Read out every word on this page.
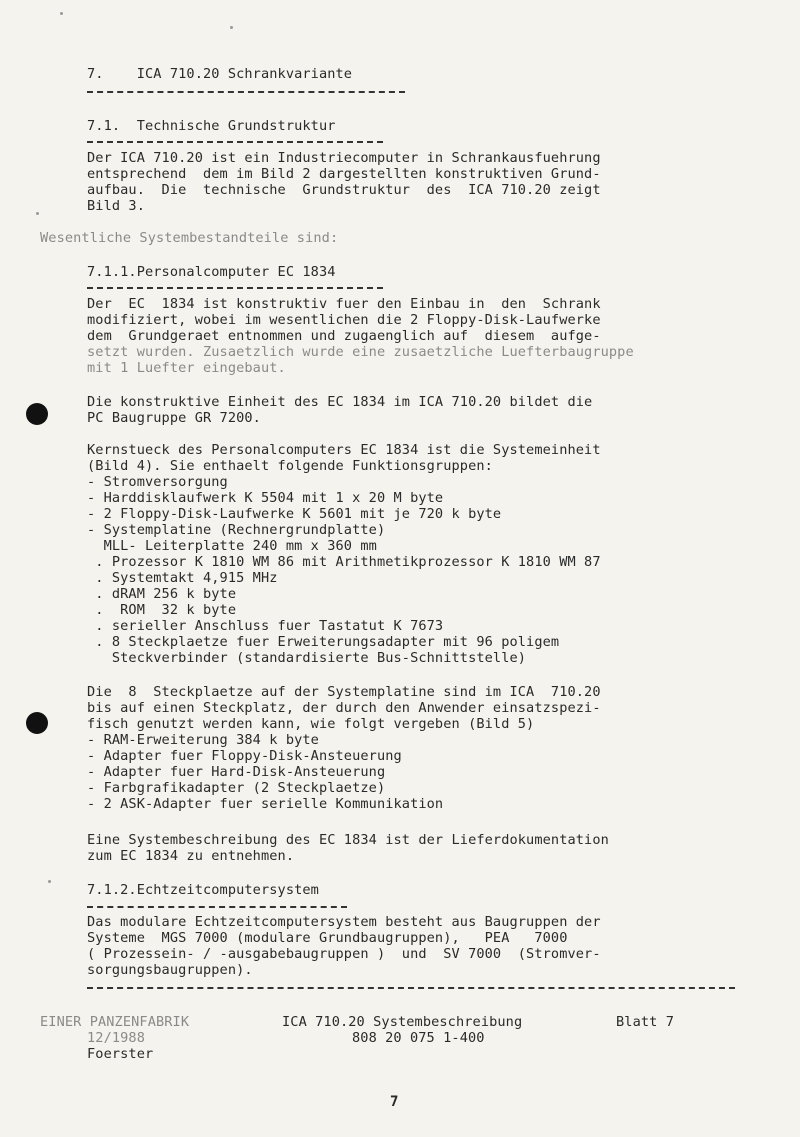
7.    ICA 710.20 Schrankvariante
7.1.  Technische Grundstruktur
Der ICA 710.20 ist ein Industriecomputer in Schrankausfuehrung
entsprechend  dem im Bild 2 dargestellten konstruktiven Grund-
aufbau.  Die  technische  Grundstruktur  des  ICA 710.20 zeigt
Bild 3.
Wesentliche Systembestandteile sind:
7.1.1.Personalcomputer EC 1834
Der  EC  1834 ist konstruktiv fuer den Einbau in  den  Schrank
modifiziert, wobei im wesentlichen die 2 Floppy-Disk-Laufwerke
dem  Grundgeraet entnommen und zugaenglich auf  diesem  aufge-
setzt wurden. Zusaetzlich wurde eine zusaetzliche Luefterbaugruppe
mit 1 Luefter eingebaut.
Die konstruktive Einheit des EC 1834 im ICA 710.20 bildet die
PC Baugruppe GR 7200.
Kernstueck des Personalcomputers EC 1834 ist die Systemeinheit
(Bild 4). Sie enthaelt folgende Funktionsgruppen:
- Stromversorgung
- Harddisklaufwerk K 5504 mit 1 x 20 M byte
- 2 Floppy-Disk-Laufwerke K 5601 mit je 720 k byte
- Systemplatine (Rechnergrundplatte)
MLL- Leiterplatte 240 mm x 360 mm
. Prozessor K 1810 WM 86 mit Arithmetikprozessor K 1810 WM 87
. Systemtakt 4,915 MHz
. dRAM 256 k byte
.  ROM  32 k byte
. serieller Anschluss fuer Tastatut K 7673
. 8 Steckplaetze fuer Erweiterungsadapter mit 96 poligem
Steckverbinder (standardisierte Bus-Schnittstelle)
Die  8  Steckplaetze auf der Systemplatine sind im ICA  710.20
bis auf einen Steckplatz, der durch den Anwender einsatzspezi-
fisch genutzt werden kann, wie folgt vergeben (Bild 5)
- RAM-Erweiterung 384 k byte
- Adapter fuer Floppy-Disk-Ansteuerung
- Adapter fuer Hard-Disk-Ansteuerung
- Farbgrafikadapter (2 Steckplaetze)
- 2 ASK-Adapter fuer serielle Kommunikation
Eine Systembeschreibung des EC 1834 ist der Lieferdokumentation
zum EC 1834 zu entnehmen.
7.1.2.Echtzeitcomputersystem
Das modulare Echtzeitcomputersystem besteht aus Baugruppen der
Systeme  MGS 7000 (modulare Grundbaugruppen),   PEA   7000
( Prozessein- / -ausgabebaugruppen )  und  SV 7000  (Stromver-
sorgungsbaugruppen).
EINER PANZENFABRIK	ICA 710.20 Systembeschreibung	Blatt 7
12/1988	808 20 075 1-400
Foerster
7
